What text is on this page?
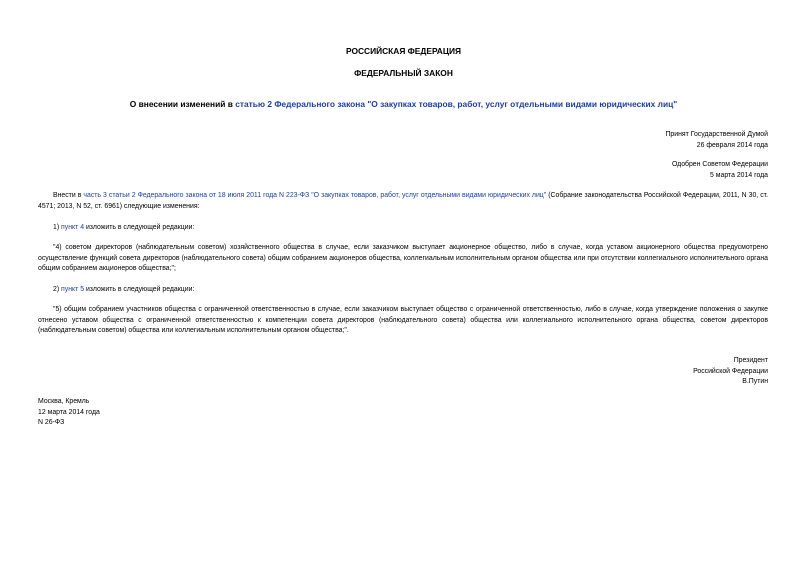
РОССИЙСКАЯ ФЕДЕРАЦИЯ
ФЕДЕРАЛЬНЫЙ ЗАКОН
О внесении изменений в статью 2 Федерального закона "О закупках товаров, работ, услуг отдельными видами юридических лиц"
Принят Государственной Думой
26 февраля 2014 года
Одобрен Советом Федерации
5 марта 2014 года
Внести в часть 3 статьи 2 Федерального закона от 18 июля 2011 года N 223-ФЗ "О закупках товаров, работ, услуг отдельными видами юридических лиц" (Собрание законодательства Российской Федерации, 2011, N 30, ст. 4571; 2013, N 52, ст. 6961) следующие изменения:
1) пункт 4 изложить в следующей редакции:
"4) советом директоров (наблюдательным советом) хозяйственного общества в случае, если заказчиком выступает акционерное общество, либо в случае, когда уставом акционерного общества предусмотрено осуществление функций совета директоров (наблюдательного совета) общим собранием акционеров общества, коллегиальным исполнительным органом общества или при отсутствии коллегиального исполнительного органа общим собранием акционеров общества;";
2) пункт 5 изложить в следующей редакции:
"5) общим собранием участников общества с ограниченной ответственностью в случае, если заказчиком выступает общество с ограниченной ответственностью, либо в случае, когда утверждение положения о закупке отнесено уставом общества с ограниченной ответственностью к компетенции совета директоров (наблюдательного совета) общества или коллегиального исполнительного органа общества, советом директоров (наблюдательным советом) общества или коллегиальным исполнительным органом общества;".
Президент
Российской Федерации
В.Путин
Москва, Кремль
12 марта 2014 года
N 26-ФЗ
